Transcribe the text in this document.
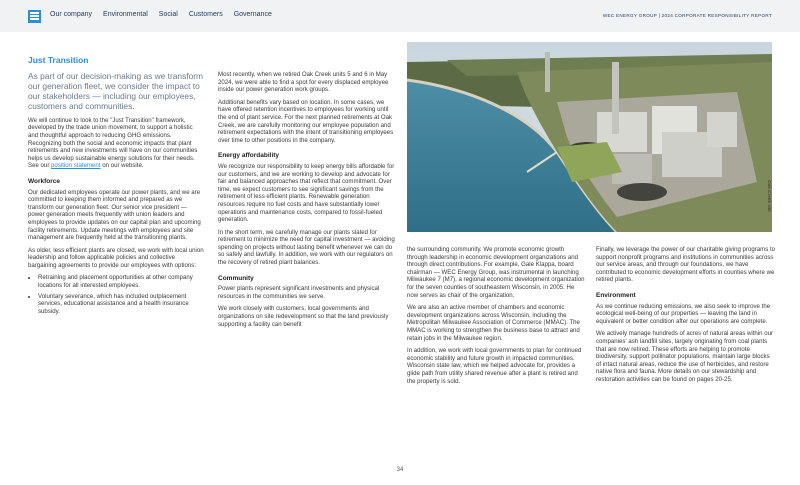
Our company Environmental Social Customers Governance	WEC ENERGY GROUP | 2024 CORPORATE RESPONSIBILITY REPORT
Just Transition

As part of our decision-making as we transform our generation fleet, we consider the impact to our stakeholders — including our employees, customers and communities.

We will continue to look to the "Just Transition" framework, developed by the trade union movement, to support a holistic and thoughtful approach to reducing GHG emissions. Recognizing both the social and economic impacts that plant retirements and new investments will have on our communities helps us develop sustainable energy solutions for their needs. See our position statement on our website.

Workforce

Our dedicated employees operate our power plants, and we are committed to keeping them informed and prepared as we transform our generation fleet. Our senior vice president — power generation meets frequently with union leaders and employees to provide updates on our capital plan and upcoming facility retirements. Update meetings with employees and site management are frequently held at the transitioning plants.

As older, less efficient plants are closed, we work with local union leadership and follow applicable policies and collective bargaining agreements to provide our employees with options:

• Retraining and placement opportunities at other company locations for all interested employees.
• Voluntary severance, which has included outplacement services, educational assistance and a health insurance subsidy.

Most recently, when we retired Oak Creek units 5 and 6 in May 2024, we were able to find a spot for every displaced employee inside our power generation work groups.

Additional benefits vary based on location. In some cases, we have offered retention incentives to employees for working until the end of plant service. For the next planned retirements at Oak Creek, we are carefully monitoring our employee population and retirement expectations with the intent of transitioning employees over time to other positions in the company.

Energy affordability

We recognize our responsibility to keep energy bills affordable for our customers, and we are working to develop and advocate for fair and balanced approaches that reflect that commitment. Over time, we expect customers to see significant savings from the retirement of less efficient plants. Renewable generation resources require no fuel costs and have substantially lower operations and maintenance costs, compared to fossil-fueled generation.

In the short term, we carefully manage our plants slated for retirement to minimize the need for capital investment — avoiding spending on projects without lasting benefit whenever we can do so safely and lawfully. In addition, we work with our regulators on the recovery of retired plant balances.

Community

Power plants represent significant investments and physical resources in the communities we serve.

We work closely with customers, local governments and organizations on site redevelopment so that the land previously supporting a facility can benefit

Oak Creek site

the surrounding community. We promote economic growth through leadership in economic development organizations and through direct contributions. For example, Gale Klappa, board chairman — WEC Energy Group, was instrumental in launching Milwaukee 7 (M7), a regional economic development organization for the seven counties of southeastern Wisconsin, in 2005. He now serves as chair of the organization.

We are also an active member of chambers and economic development organizations across Wisconsin, including the Metropolitan Milwaukee Association of Commerce (MMAC). The MMAC is working to strengthen the business base to attract and retain jobs in the Milwaukee region.

In addition, we work with local governments to plan for continued economic stability and future growth in impacted communities. Wisconsin state law, which we helped advocate for, provides a glide path from utility shared revenue after a plant is retired and the property is sold.

Finally, we leverage the power of our charitable giving programs to support nonprofit programs and institutions in communities across our service areas, and through our foundations, we have contributed to economic development efforts in counties where we retired plants.

Environment

As we continue reducing emissions, we also seek to improve the ecological well-being of our properties — leaving the land in equivalent or better condition after our operations are complete.

We actively manage hundreds of acres of natural areas within our companies' ash landfill sites, largely originating from coal plants that are now retired. These efforts are helping to promote biodiversity, support pollinator populations, maintain large blocks of intact natural areas, reduce the use of herbicides, and restore native flora and fauna. More details on our stewardship and restoration activities can be found on pages 20-25.

34
